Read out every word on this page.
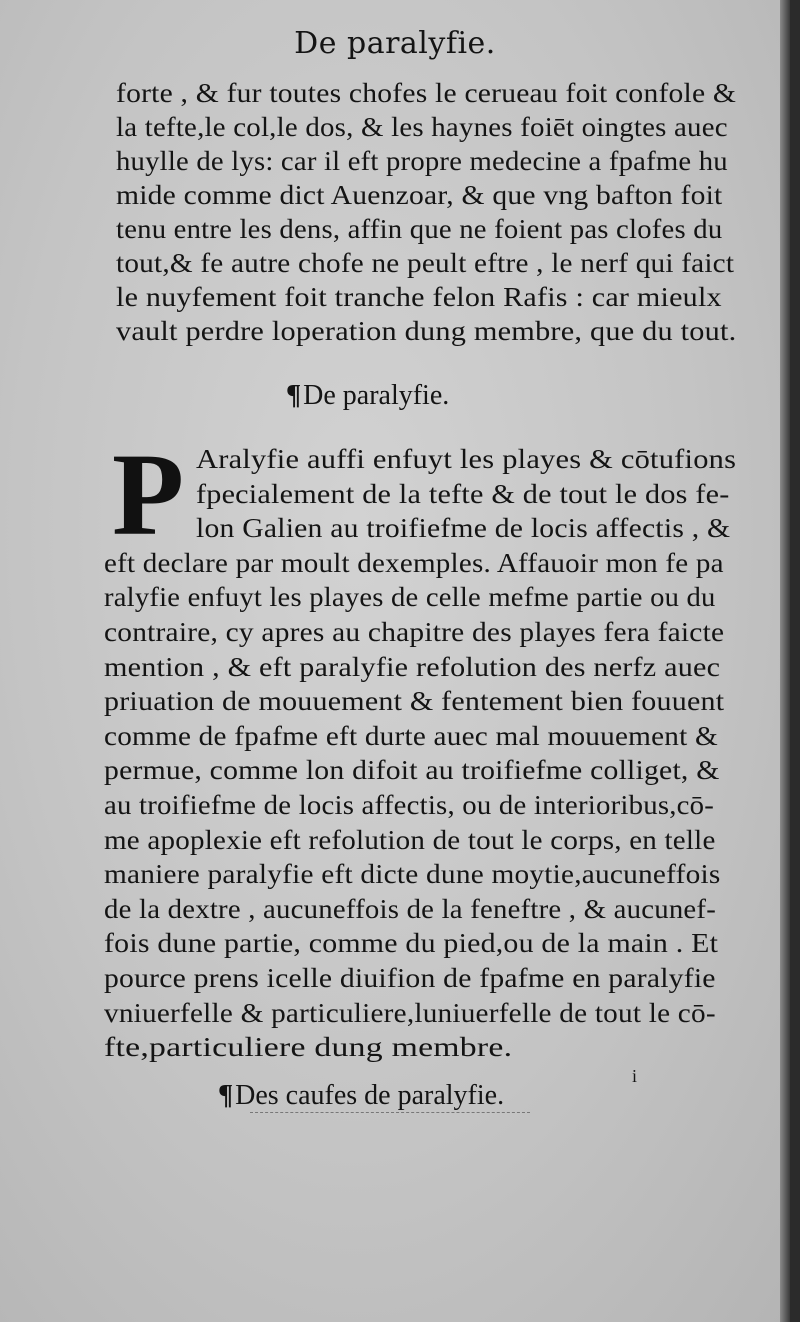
De paralyfie.
forte , & fur toutes chofes le cerueau foit confole &
la tefte,le col,le dos, & les haynes foiēt oingtes auec
huylle de lys: car il eft propre medecine a fpafme hu
mide comme dict Auenzoar, & que vng bafton foit
tenu entre les dens, affin que ne foient pas clofes du
tout,& fe autre chofe ne peult eftre , le nerf qui faict
le nuyfement foit tranche felon Rafis : car mieulx
vault perdre loperation dung membre, que du tout.
¶De paralyfie.
P Aralyfie auffi enfuyt les playes & cōtufions
fpecialement de la tefte & de tout le dos fe-
lon Galien au troifiefme de locis affectis , &
eft declare par moult dexemples. Affauoir mon fe pa
ralyfie enfuyt les playes de celle mefme partie ou du
contraire, cy apres au chapitre des playes fera faicte
mention , & eft paralyfie refolution des nerfz auec
priuation de mouuement & fentement bien fouuent
comme de fpafme eft durte auec mal mouuement &
permue, comme lon difoit au troifiefme colliget, &
au troifiefme de locis affectis, ou de interioribus,cō-
me apoplexie eft refolution de tout le corps, en telle
maniere paralyfie eft dicte dune moytie,aucuneffois
de la dextre , aucuneffois de la feneftre , & aucunef-
fois dune partie, comme du pied,ou de la main . Et
pource prens icelle diuifion de fpafme en paralyfie
vniuerfelle & particuliere,luniuerfelle de tout le cō-
fte,particuliere dung membre.
i
¶Des caufes de paralyfie.
